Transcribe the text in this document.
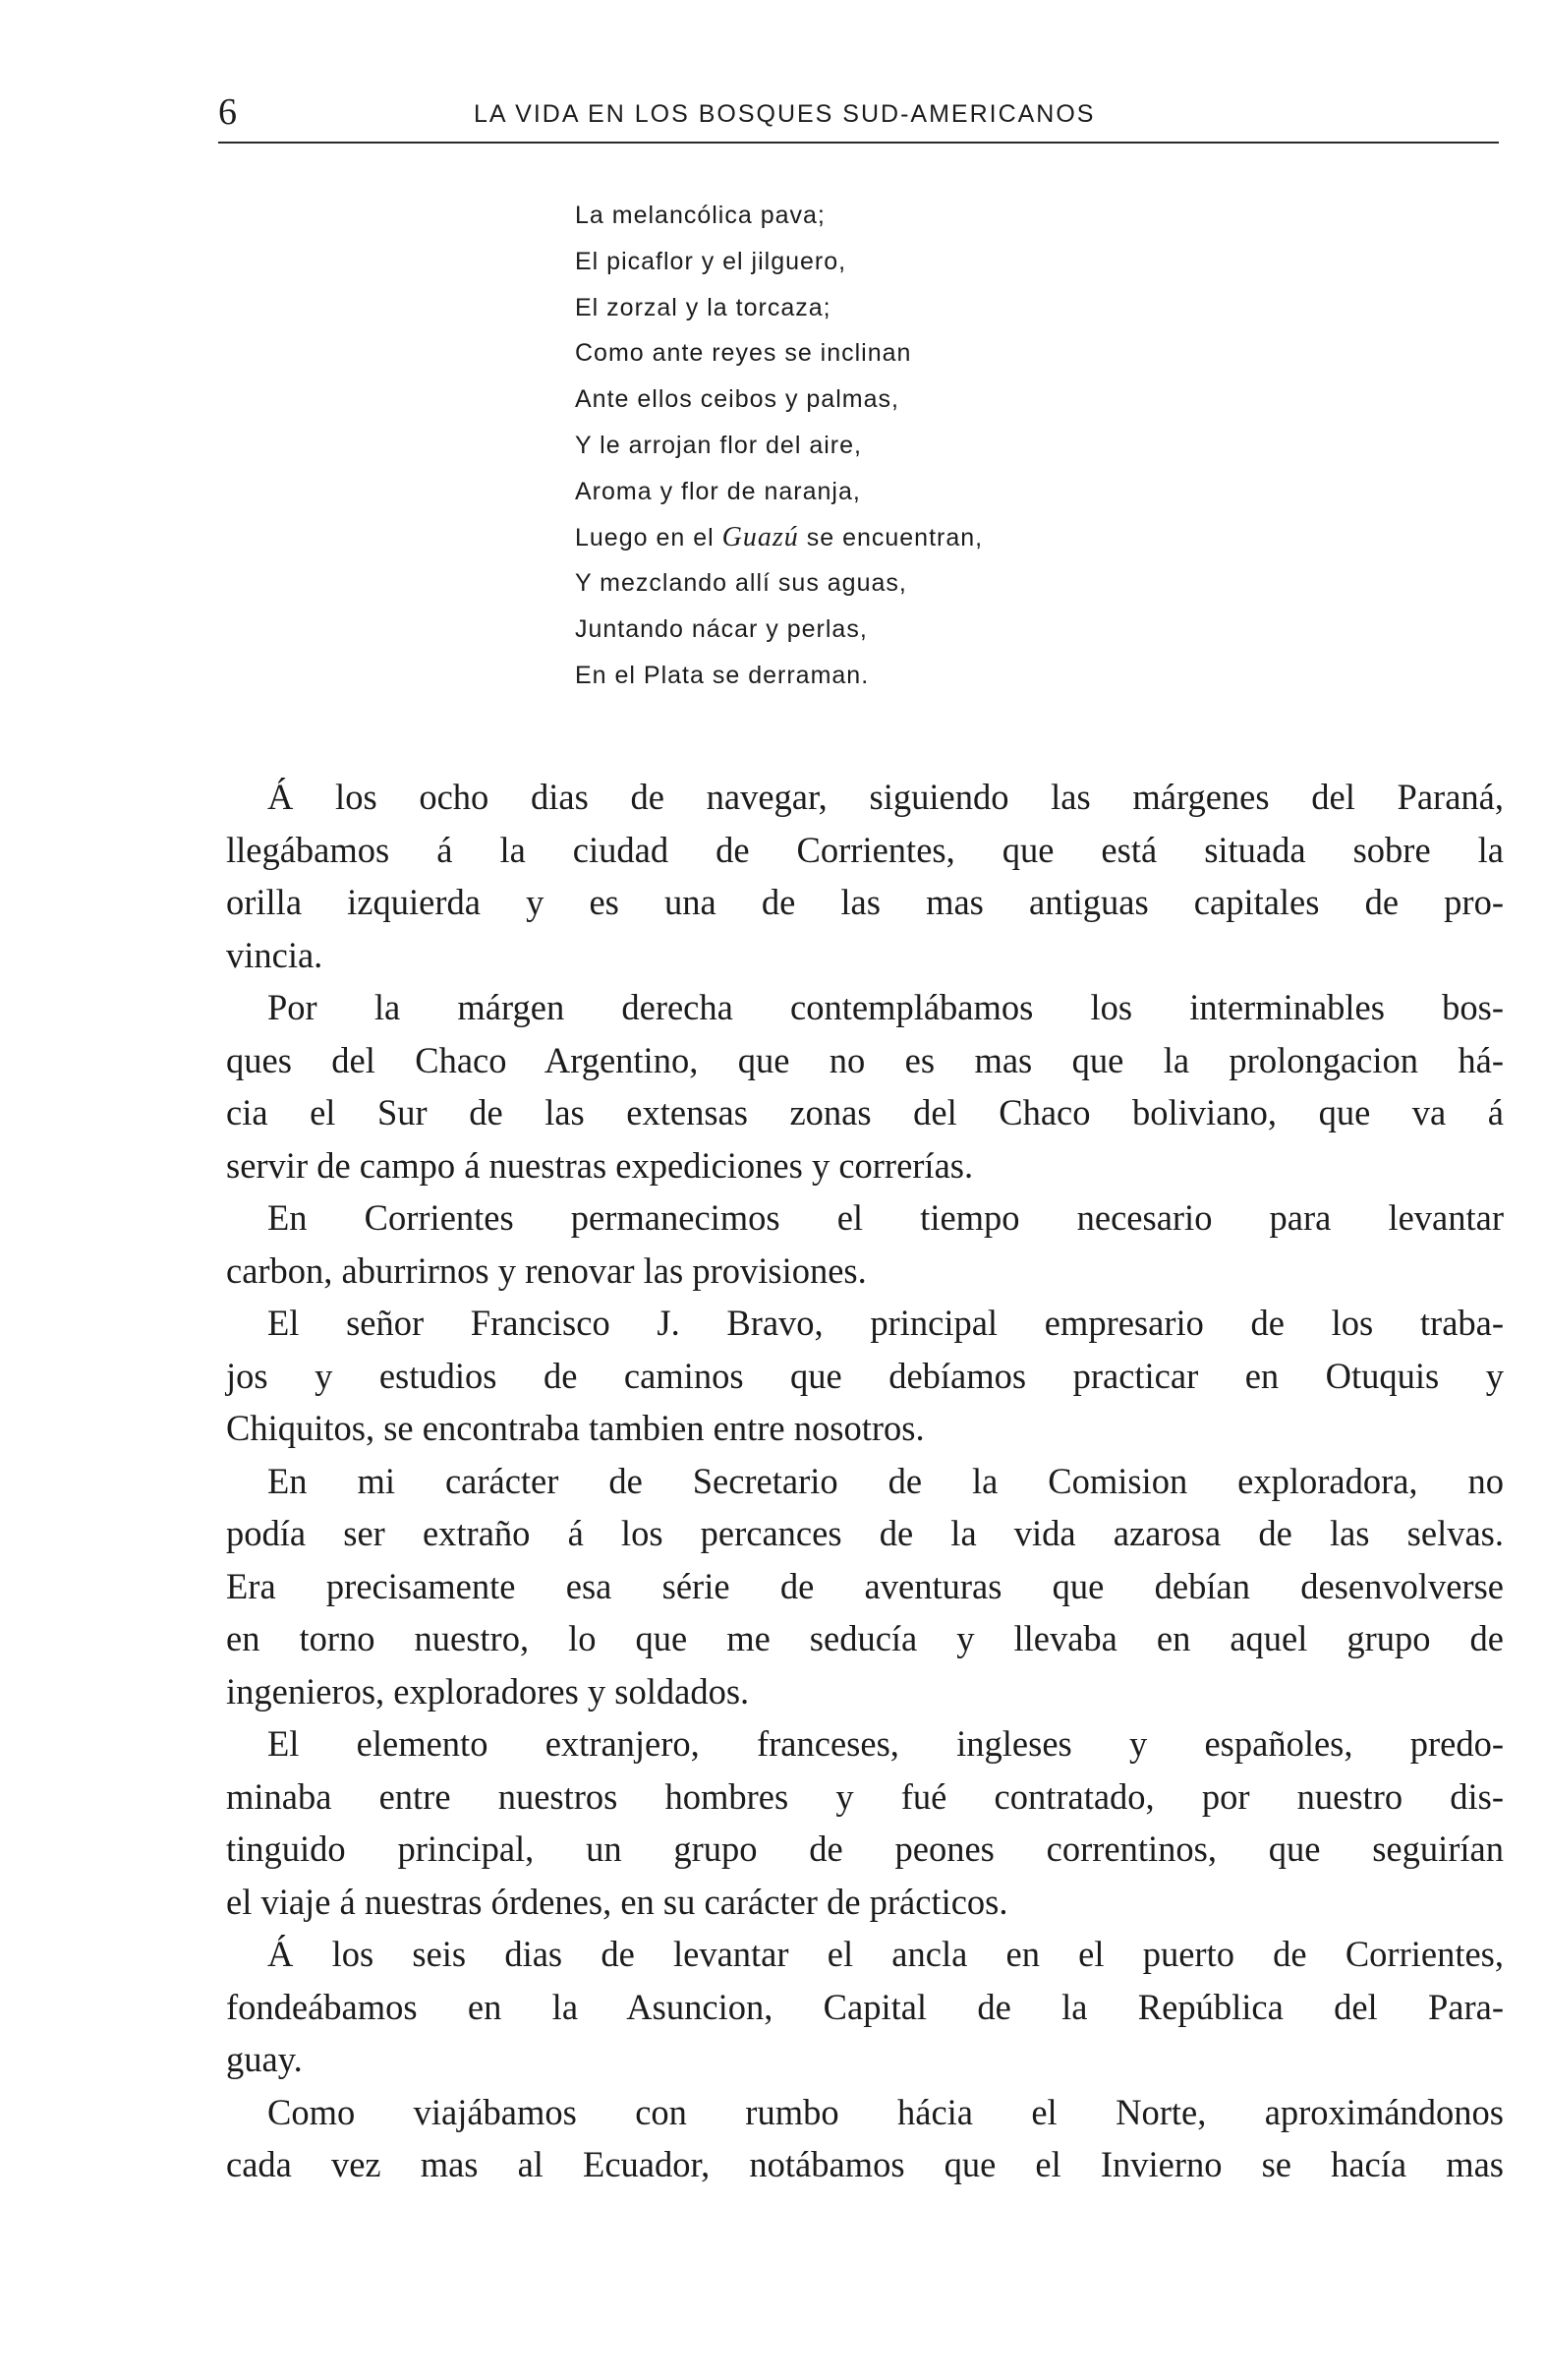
6	LA VIDA EN LOS BOSQUES SUD-AMERICANOS
La melancólica pava;
El picaflor y el jilguero,
El zorzal y la torcaza;
Como ante reyes se inclinan
Ante ellos ceibos y palmas,
Y le arrojan flor del aire,
Aroma y flor de naranja,
Luego en el Guazú se encuentran,
Y mezclando allí sus aguas,
Juntando nácar y perlas,
En el Plata se derraman.
Á los ocho dias de navegar, siguiendo las márgenes del Paraná,
llegábamos á la ciudad de Corrientes, que está situada sobre la
orilla izquierda y es una de las mas antiguas capitales de pro-
vincia.
Por la márgen derecha contemplábamos los interminables bos-
ques del Chaco Argentino, que no es mas que la prolongacion há-
cia el Sur de las extensas zonas del Chaco boliviano, que va á
servir de campo á nuestras expediciones y correrías.
En Corrientes permanecimos el tiempo necesario para levantar
carbon, aburrirnos y renovar las provisiones.
El señor Francisco J. Bravo, principal empresario de los traba-
jos y estudios de caminos que debíamos practicar en Otuquis y
Chiquitos, se encontraba tambien entre nosotros.
En mi carácter de Secretario de la Comision exploradora, no
podía ser extraño á los percances de la vida azarosa de las selvas.
Era precisamente esa série de aventuras que debían desenvolverse
en torno nuestro, lo que me seducía y llevaba en aquel grupo de
ingenieros, exploradores y soldados.
El elemento extranjero, franceses, ingleses y españoles, predo-
minaba entre nuestros hombres y fué contratado, por nuestro dis-
tinguido principal, un grupo de peones correntinos, que seguirían
el viaje á nuestras órdenes, en su carácter de prácticos.
Á los seis dias de levantar el ancla en el puerto de Corrientes,
fondeábamos en la Asuncion, Capital de la República del Para-
guay.
Como viajábamos con rumbo hácia el Norte, aproximándonos
cada vez mas al Ecuador, notábamos que el Invierno se hacía mas
